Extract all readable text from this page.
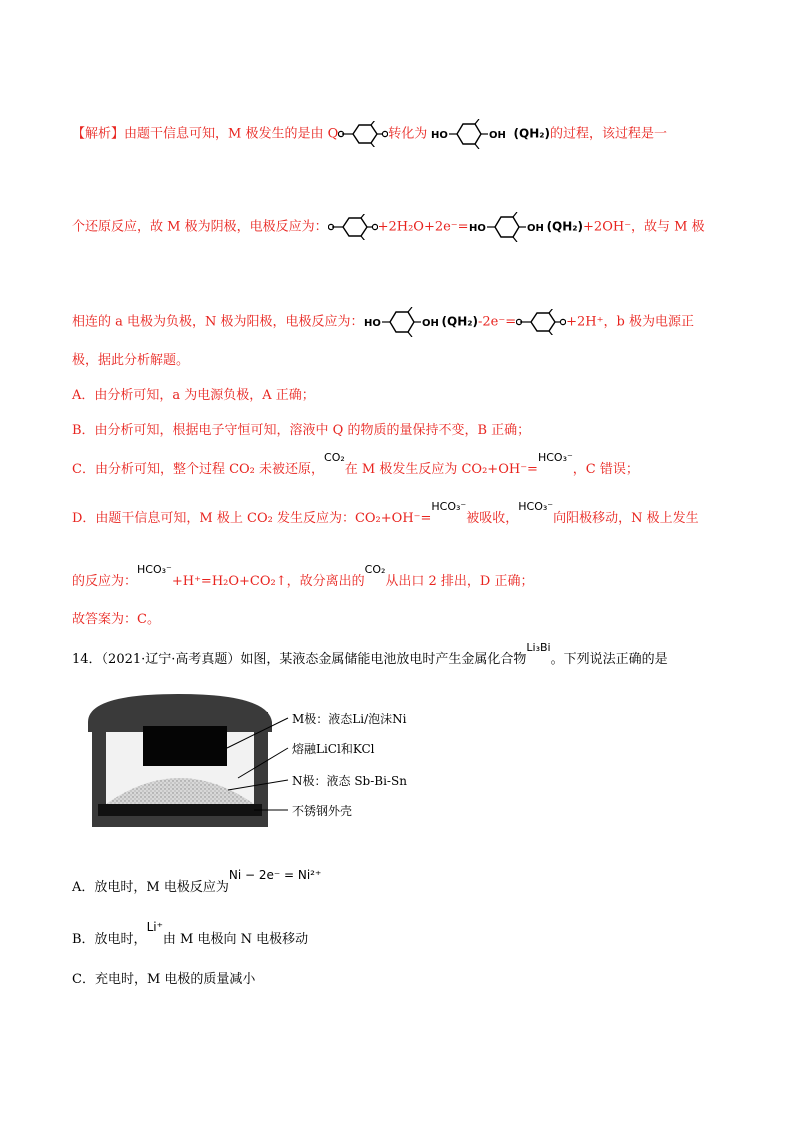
【解析】由题干信息可知，M 极发生的是由 Q	转化为 HO	OH (QH₂)的过程，该过程是一
个还原反应，故 M 极为阴极，电极反应为：	+2H₂O+2e⁻= HO	OH (QH₂)+2OH⁻，故与 M 极
相连的 a 电极为负极，N 极为阳极，电极反应为： HO	OH (QH₂)-2e⁻=	+2H⁺，b 极为电源正
极，据此分析解题。
A．由分析可知，a 为电源负极，A 正确；
B．由分析可知，根据电子守恒可知，溶液中 Q 的物质的量保持不变，B 正确；
C．由分析可知，整个过程 CO₂ 未被还原，CO₂在 M 极发生反应为 CO₂+OH⁻=HCO₃⁻，C 错误；
D．由题干信息可知，M 极上 CO₂ 发生反应为：CO₂+OH⁻=HCO₃⁻被吸收，HCO₃⁻向阳极移动，N 极上发生
的反应为：HCO₃⁻+H⁺=H₂O+CO₂↑，故分离出的CO₂从出口 2 排出，D 正确；
故答案为：C。
14．（2021·辽宁·高考真题）如图，某液态金属储能电池放电时产生金属化合物Li₃Bi。下列说法正确的是
M极：液态Li/泡沫Ni
熔融LiCl和KCl
N极：液态 Sb-Bi-Sn
不锈钢外壳
A．放电时，M 电极反应为Ni − 2e⁻ = Ni²⁺
B．放电时，Li⁺由 M 电极向 N 电极移动
C．充电时，M 电极的质量减小
